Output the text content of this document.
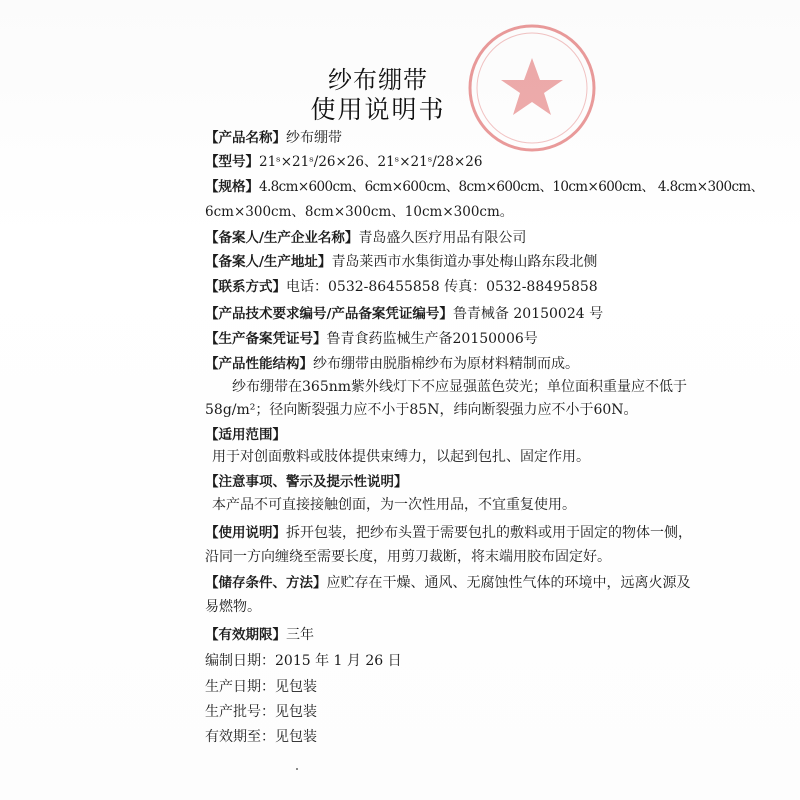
纱布绷带
使用说明书
【产品名称】纱布绷带
【型号】21ˢ×21ˢ/26×26、21ˢ×21ˢ/28×26
【规格】4.8cm×600cm、6cm×600cm、8cm×600cm、10cm×600cm、 4.8cm×300cm、
6cm×300cm、8cm×300cm、10cm×300cm。
【备案人/生产企业名称】青岛盛久医疗用品有限公司
【备案人/生产地址】青岛莱西市水集街道办事处梅山路东段北侧
【联系方式】电话：0532-86455858 传真：0532-88495858
【产品技术要求编号/产品备案凭证编号】鲁青械备 20150024 号
【生产备案凭证号】鲁青食药监械生产备20150006号
【产品性能结构】纱布绷带由脱脂棉纱布为原材料精制而成。
纱布绷带在365nm紫外线灯下不应显强蓝色荧光；单位面积重量应不低于
58g/m²；径向断裂强力应不小于85N，纬向断裂强力应不小于60N。
【适用范围】
用于对创面敷料或肢体提供束缚力，以起到包扎、固定作用。
【注意事项、警示及提示性说明】
本产品不可直接接触创面，为一次性用品，不宜重复使用。
【使用说明】拆开包装，把纱布头置于需要包扎的敷料或用于固定的物体一侧，
沿同一方向缠绕至需要长度，用剪刀裁断，将末端用胶布固定好。
【储存条件、方法】应贮存在干燥、通风、无腐蚀性气体的环境中，远离火源及
易燃物。
【有效期限】三年
编制日期：2015 年 1 月 26 日
生产日期：见包装
生产批号：见包装
有效期至：见包装
